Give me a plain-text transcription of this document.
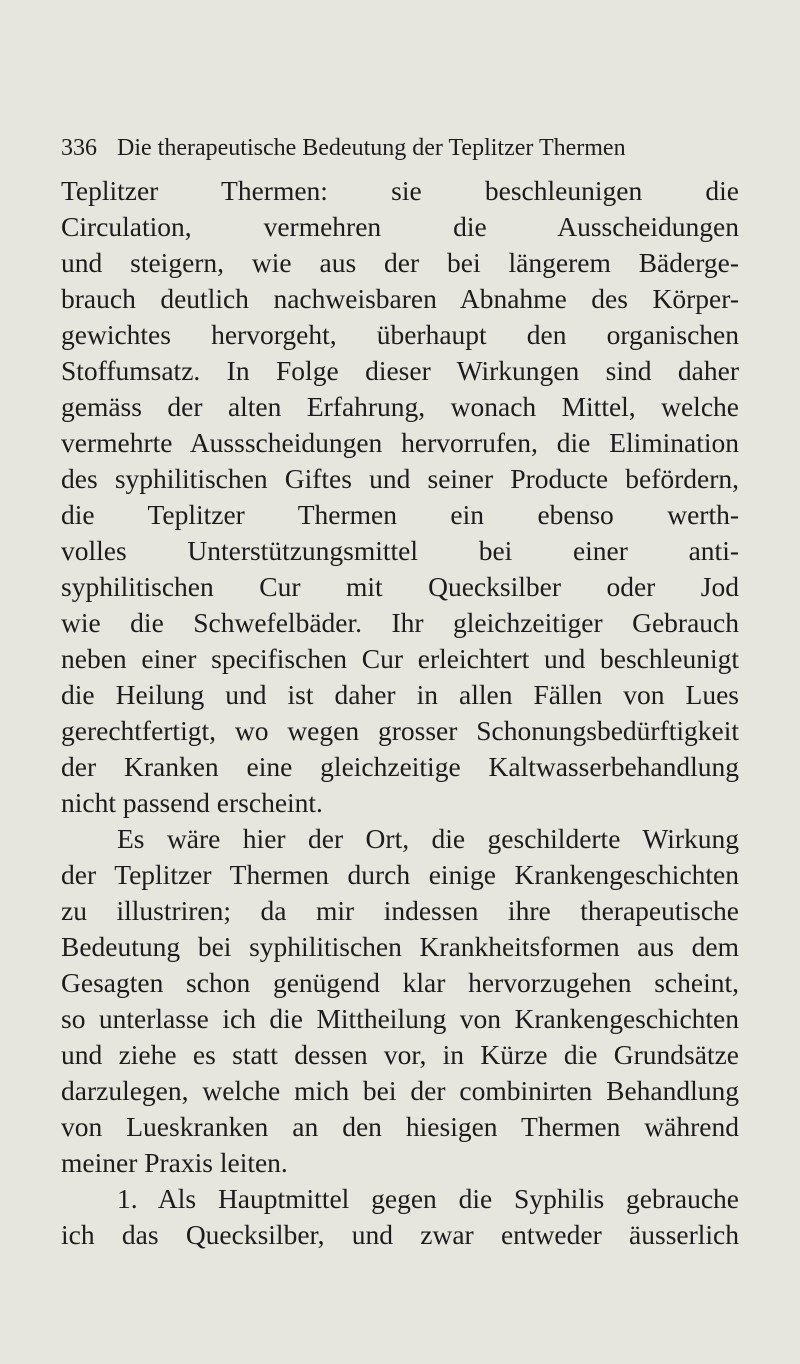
336 Die therapeutische Bedeutung der Teplitzer Thermen
Teplitzer Thermen: sie beschleunigen die
Circulation, vermehren die Ausscheidungen
und steigern, wie aus der bei längerem Bäderge-
brauch deutlich nachweisbaren Abnahme des Körper-
gewichtes hervorgeht, überhaupt den organischen
Stoffumsatz. In Folge dieser Wirkungen sind daher
gemäss der alten Erfahrung, wonach Mittel, welche
vermehrte Aussscheidungen hervorrufen, die Elimination
des syphilitischen Giftes und seiner Producte befördern,
die Teplitzer Thermen ein ebenso werth-
volles Unterstützungsmittel bei einer anti-
syphilitischen Cur mit Quecksilber oder Jod
wie die Schwefelbäder. Ihr gleichzeitiger Gebrauch
neben einer specifischen Cur erleichtert und beschleunigt
die Heilung und ist daher in allen Fällen von Lues
gerechtfertigt, wo wegen grosser Schonungsbedürftigkeit
der Kranken eine gleichzeitige Kaltwasserbehandlung
nicht passend erscheint.
Es wäre hier der Ort, die geschilderte Wirkung
der Teplitzer Thermen durch einige Krankengeschichten
zu illustriren; da mir indessen ihre therapeutische
Bedeutung bei syphilitischen Krankheitsformen aus dem
Gesagten schon genügend klar hervorzugehen scheint,
so unterlasse ich die Mittheilung von Krankengeschichten
und ziehe es statt dessen vor, in Kürze die Grundsätze
darzulegen, welche mich bei der combinirten Behandlung
von Lueskranken an den hiesigen Thermen während
meiner Praxis leiten.
1. Als Hauptmittel gegen die Syphilis gebrauche
ich das Quecksilber, und zwar entweder äusserlich
